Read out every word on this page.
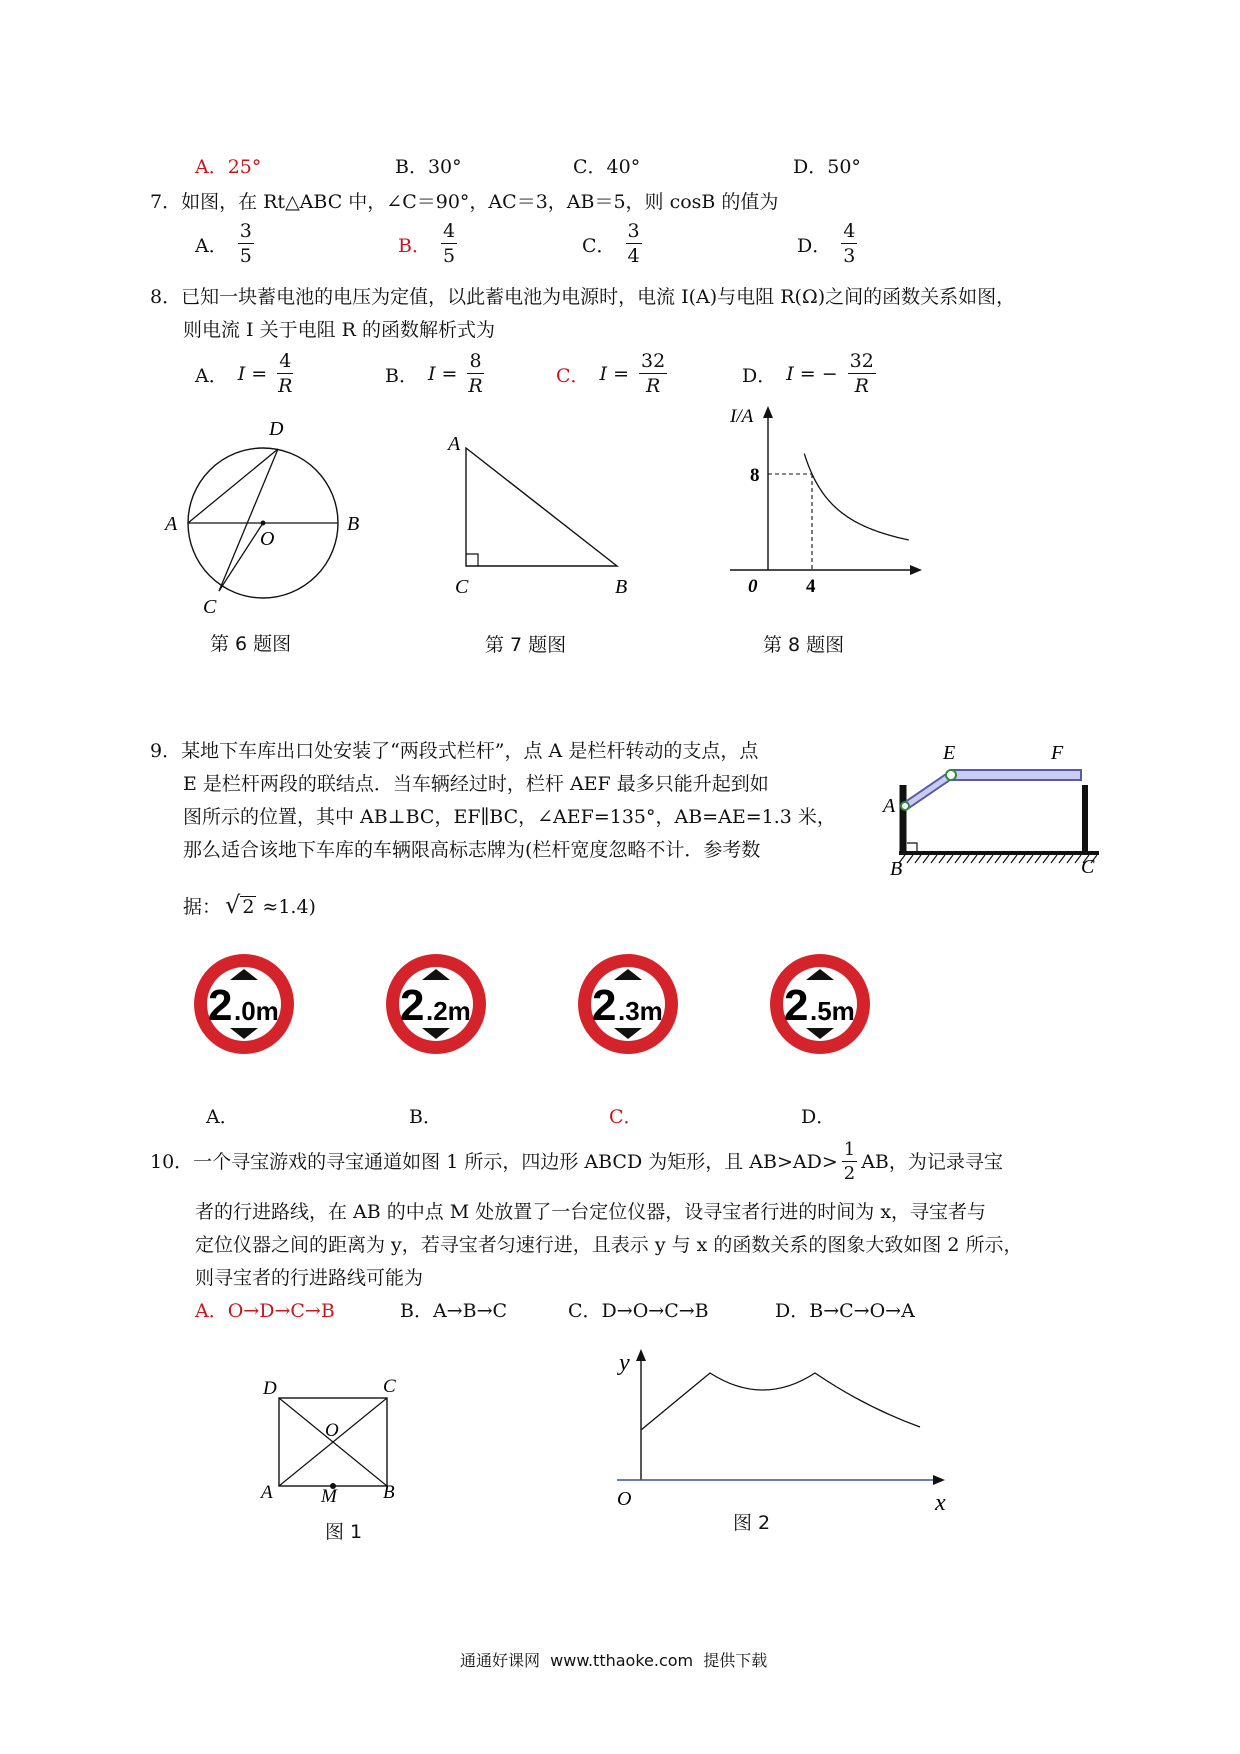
A．25°	B．30°	C．40°	D．50°
7．如图，在 Rt△ABC 中，∠C＝90°，AC＝3，AB＝5，则 cosB 的值为
A． $\frac{3}{5}$	B． $\frac{4}{5}$	C． $\frac{3}{4}$	D． $\frac{4}{3}$
8．已知一块蓄电池的电压为定值，以此蓄电池为电源时，电流 I(A)与电阻 R(Ω)之间的函数关系如图，
则电流 I 关于电阻 R 的函数解析式为
A． $I = \frac{4}{R}$	B． $I = \frac{8}{R}$	C． $I = \frac{32}{R}$	D． I = − $\frac{32}{R}$
D
A	B
O
C
第 6 题图
A
C	B
第 7 题图
I/A
8
0	4
第 8 题图
9．某地下车库出口处安装了“两段式栏杆”，点 A 是栏杆转动的支点，点
E 是栏杆两段的联结点．当车辆经过时，栏杆 AEF 最多只能升起到如
图所示的位置，其中 AB⊥BC，EF∥BC，∠AEF=135°，AB=AE=1.3 米，
那么适合该地下车库的车辆限高标志牌为(栏杆宽度忽略不计．参考数
据： √ 2 ≈1.4)
E	F
A
B	C
2 .0m	2 .2m	2 .3m	2 .5m
A．	B．	C．	D．
10．一个寻宝游戏的寻宝通道如图 1 所示，四边形 ABCD 为矩形，且 $AB>AD> \frac{1}{2}$ AB，为记录寻宝
者的行进路线，在 AB 的中点 M 处放置了一台定位仪器，设寻宝者行进的时间为 x，寻宝者与
定位仪器之间的距离为 y，若寻宝者匀速行进，且表示 y 与 x 的函数关系的图象大致如图 2 所示，
则寻宝者的行进路线可能为
A．O→D→C→B	B．A→B→C	C．D→O→C→B	D．B→C→O→A
D	C
O
A	M B
图 1
y
O	x
图 2
通通好课网  www.tthaoke.com  提供下载
